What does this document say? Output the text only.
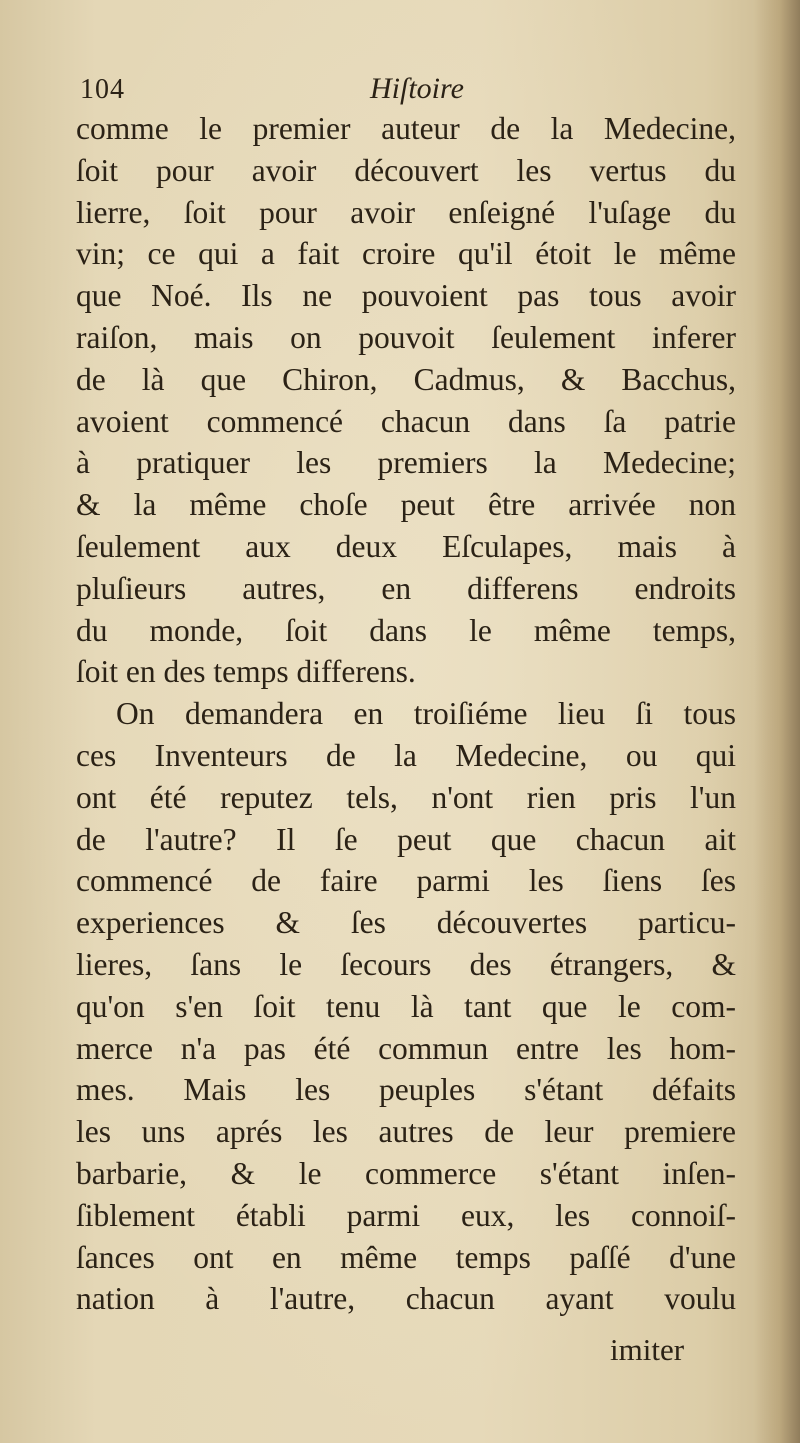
104	Hiſtoire
comme le premier auteur de la Medecine,
ſoit pour avoir découvert les vertus du
lierre, ſoit pour avoir enſeigné l'uſage du
vin; ce qui a fait croire qu'il étoit le même
que Noé. Ils ne pouvoient pas tous avoir
raiſon, mais on pouvoit ſeulement inferer
de là que Chiron, Cadmus, & Bacchus,
avoient commencé chacun dans ſa patrie
à pratiquer les premiers la Medecine;
& la même choſe peut être arrivée non
ſeulement aux deux Eſculapes, mais à
pluſieurs autres, en differens endroits
du monde, ſoit dans le même temps,
ſoit en des temps differens.
On demandera en troiſiéme lieu ſi tous
ces Inventeurs de la Medecine, ou qui
ont été reputez tels, n'ont rien pris l'un
de l'autre? Il ſe peut que chacun ait
commencé de faire parmi les ſiens ſes
experiences & ſes découvertes particu-
lieres, ſans le ſecours des étrangers, &
qu'on s'en ſoit tenu là tant que le com-
merce n'a pas été commun entre les hom-
mes. Mais les peuples s'étant défaits
les uns aprés les autres de leur premiere
barbarie, & le commerce s'étant inſen-
ſiblement établi parmi eux, les connoiſ-
ſances ont en même temps paſſé d'une
nation à l'autre, chacun ayant voulu
imiter
